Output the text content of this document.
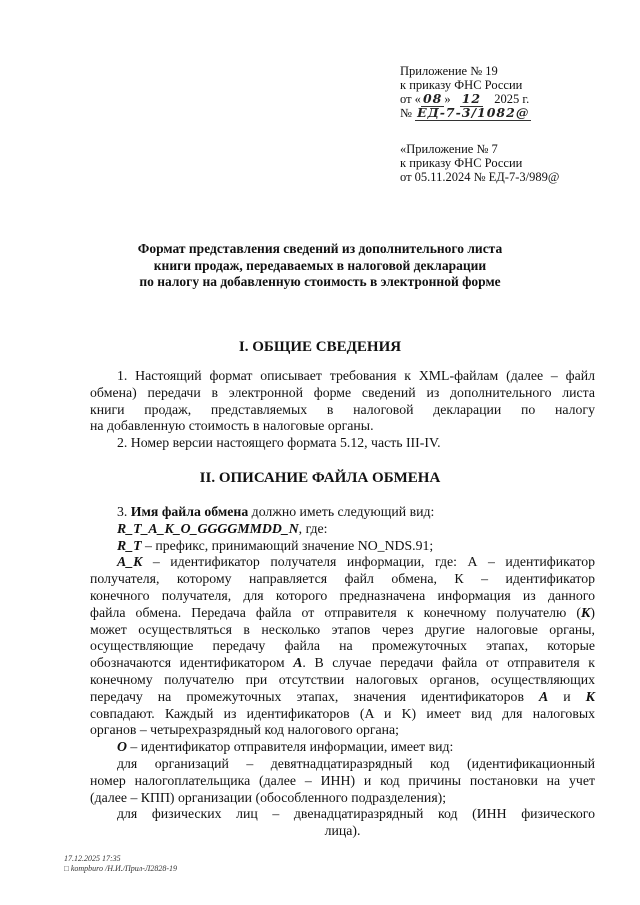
Приложение № 19
к приказу ФНС России
от « 08 » 12 2025 г.
№ ЕД-7-3/1082@
«Приложение № 7
к приказу ФНС России
от 05.11.2024 № ЕД-7-3/989@
Формат представления сведений из дополнительного листа
книги продаж, передаваемых в налоговой декларации
по налогу на добавленную стоимость в электронной форме
I. ОБЩИЕ СВЕДЕНИЯ
1. Настоящий формат описывает требования к XML-файлам (далее – файл
обмена) передачи в электронной форме сведений из дополнительного листа
книги продаж, представляемых в налоговой декларации по налогу
на добавленную стоимость в налоговые органы.
2. Номер версии настоящего формата 5.12, часть III-IV.
II. ОПИСАНИЕ ФАЙЛА ОБМЕНА
3. Имя файла обмена должно иметь следующий вид:
R_T_A_K_O_GGGGMMDD_N, где:
R_T – префикс, принимающий значение NO_NDS.91;
A_K – идентификатор получателя информации, где: А – идентификатор
получателя, которому направляется файл обмена, К – идентификатор
конечного получателя, для которого предназначена информация из данного
файла обмена. Передача файла от отправителя к конечному получателю (К)
может осуществляться в несколько этапов через другие налоговые органы,
осуществляющие передачу файла на промежуточных этапах, которые
обозначаются идентификатором А. В случае передачи файла от отправителя к
конечному получателю при отсутствии налоговых органов, осуществляющих
передачу на промежуточных этапах, значения идентификаторов А и К
совпадают. Каждый из идентификаторов (A и K) имеет вид для налоговых
органов – четырехразрядный код налогового органа;
O – идентификатор отправителя информации, имеет вид:
для организаций – девятнадцатиразрядный код (идентификационный
номер налогоплательщика (далее – ИНН) и код причины постановки на учет
(далее – КПП) организации (обособленного подразделения);
для физических лиц – двенадцатиразрядный код (ИНН физического
лица).
17.12.2025 17:35
□ kompburo /Н.И./Прил-Л2828-19
